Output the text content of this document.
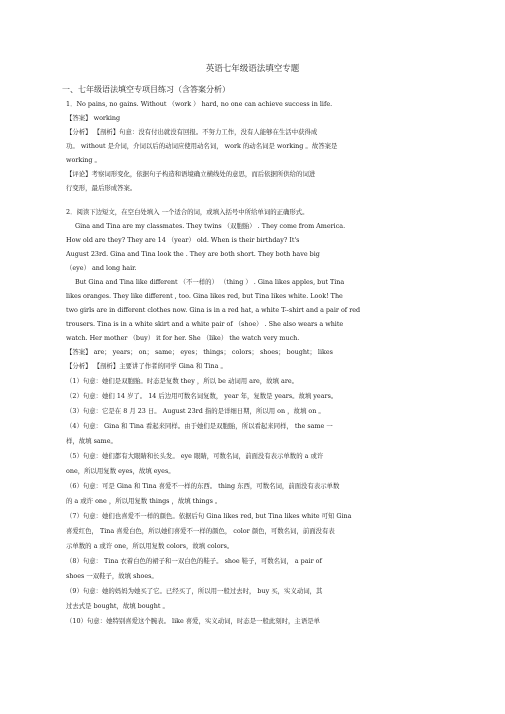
英语七年级语法填空专题
一、七年级语法填空专项目练习（含答案分析）
1．No pains, no gains. Without （work ） hard, no one can achieve success in life.
【答案】 working
【分析】 【剖析】句意：没有付出就没有回报。不努力工作，没有人能够在生活中获得成
功。 without 是介词，介词以后的动词应使用动名词， work 的动名词是 working 。故答案是
working 。
【评论】考察词形变化，依据句子构造和语境确立横线处的意思，而后依据所供给的词进
行变形，最后形成答案。
2．阅读下边短文，在空白处填入 一个适合的词，或填入括号中所给单词的正确形式。
Gina and Tina are my classmates. They twins （双胞胎） . They come from America.
How old are they? They are 14 （year） old. When is their birthday? It's
August 23rd. Gina and Tina look the . They are both short. They both have big
（eye） and long hair.
But Gina and Tina like different （不一样的） （thing ） . Gina likes apples, but Tina
likes oranges. They like different , too. Gina likes red, but Tina likes white. Look! The
two girls are in different clothes now. Gina is in a red hat, a white T--shirt and a pair of red
trousers. Tina is in a white skirt and a white pair of （shoe） . She also wears a white
watch. Her mother （buy） it for her. She （like） the watch very much.
【答案】 are； years； on； same； eyes； things； colors； shoes； bought； likes
【分析】 【剖析】主要讲了作者的同学 Gina 和 Tina 。
（1）句意：她们是双胞胎。时态是复数 they ，所以 be 动词用 are，故填 are。
（2）句意：她们 14 岁了。 14 后边用可数名词复数， year 年，复数是 years。故填 years。
（3）句意：它是在 8 月 23 日。 August 23rd 指的是详细日期，所以用 on ，故填 on 。
（4）句意： Gina 和 Tina 看起来同样。由于她们是双胞胎，所以看起来同样， the same 一
样，故填 same。
（5）句意：她们都有大眼睛和长头发。 eye 眼睛，可数名词，前面没有表示单数的 a 或许
one，所以用复数 eyes，故填 eyes。
（6）句意：可是 Gina 和 Tina 喜爱不一样的东西。 thing 东西，可数名词，前面没有表示单数
的 a 或许 one ，所以用复数 things ，故填 things 。
（7）句意：她们也喜爱不一样的颜色。依据后句 Gina likes red, but Tina likes white 可知 Gina
喜爱红色， Tina 喜爱白色，所以她们喜爱不一样的颜色， color 颜色，可数名词，前面没有表
示单数的 a 或许 one，所以用复数 colors，故填 colors。
（8）句意： Tina 衣着白色的裙子和一双白色的鞋子。 shoe 鞋子，可数名词， a pair of
shoes 一双鞋子，故填 shoes。
（9）句意：她的妈妈为她买了它。已经买了，所以用一般过去时， buy 买，实义动词，其
过去式是 bought，故填 bought 。
（10）句意：她特别喜爱这个腕表。 like 喜爱，实义动词，时态是一般此刻时，主语是单
